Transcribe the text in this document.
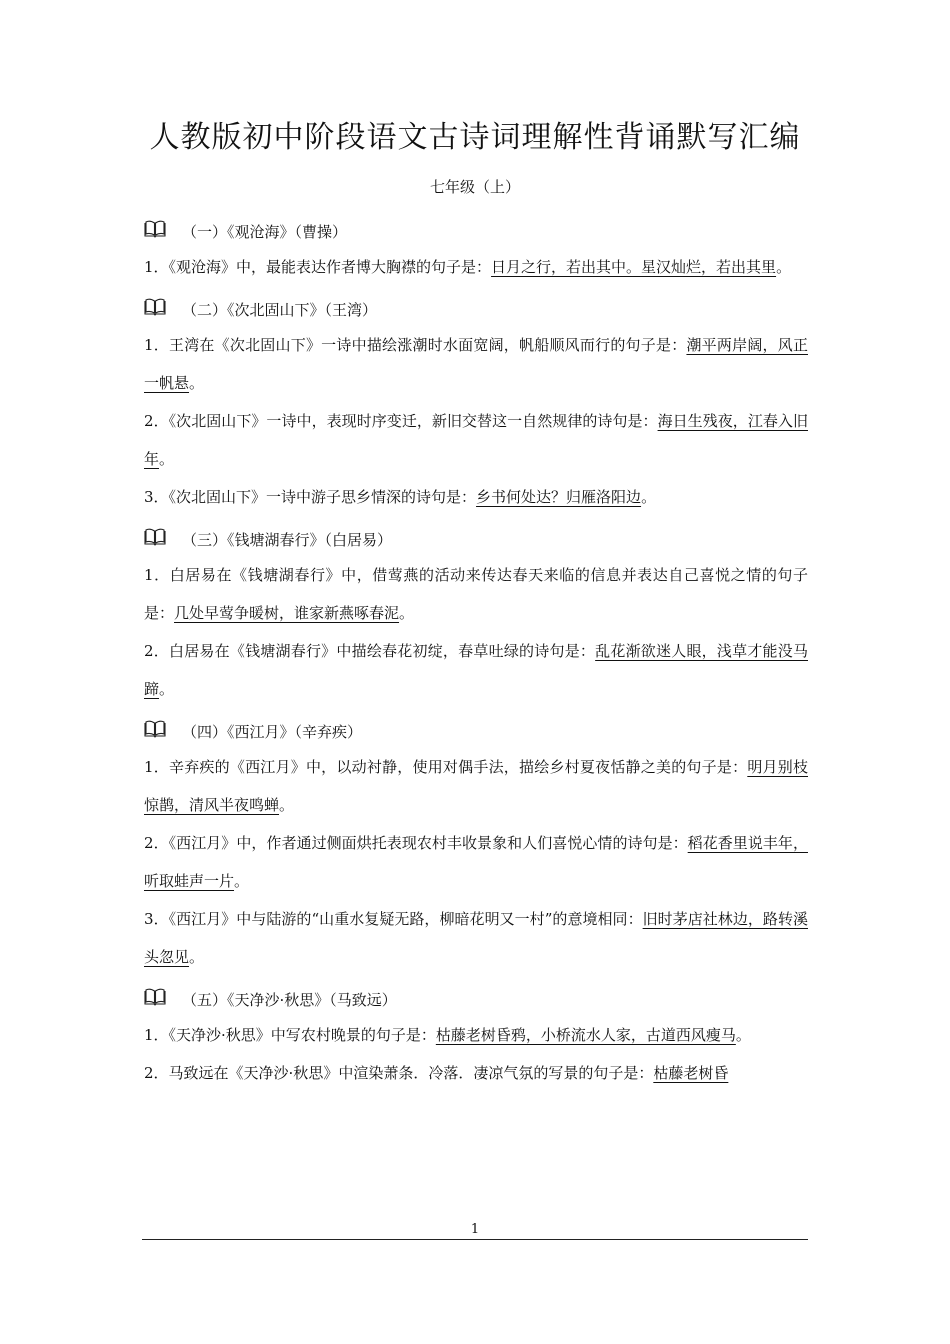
人教版初中阶段语文古诗词理解性背诵默写汇编
七年级（上）
（一）《观沧海》（曹操）

1．《观沧海》中，最能表达作者博大胸襟的句子是：日月之行，若出其中。星汉灿烂，若出其里。

（二）《次北固山下》（王湾）

1．王湾在《次北固山下》一诗中描绘涨潮时水面宽阔，帆船顺风而行的句子是：潮平两岸阔，风正一帆悬。

2．《次北固山下》一诗中，表现时序变迁，新旧交替这一自然规律的诗句是：海日生残夜，江春入旧年。

3．《次北固山下》一诗中游子思乡情深的诗句是：乡书何处达？归雁洛阳边。

（三）《钱塘湖春行》（白居易）

1．白居易在《钱塘湖春行》中，借莺燕的活动来传达春天来临的信息并表达自己喜悦之情的句子是：几处早莺争暖树，谁家新燕啄春泥。

2．白居易在《钱塘湖春行》中描绘春花初绽，春草吐绿的诗句是：乱花渐欲迷人眼，浅草才能没马蹄。

（四）《西江月》（辛弃疾）

1．辛弃疾的《西江月》中，以动衬静，使用对偶手法，描绘乡村夏夜恬静之美的句子是：明月别枝惊鹊，清风半夜鸣蝉。

2．《西江月》中，作者通过侧面烘托表现农村丰收景象和人们喜悦心情的诗句是：稻花香里说丰年，听取蛙声一片。

3．《西江月》中与陆游的“山重水复疑无路，柳暗花明又一村”的意境相同：旧时茅店社林边，路转溪头忽见。

（五）《天净沙·秋思》（马致远）

1．《天净沙·秋思》中写农村晚景的句子是：枯藤老树昏鸦，小桥流水人家，古道西风瘦马。

2．马致远在《天净沙·秋思》中渲染萧条．冷落．凄凉气氛的写景的句子是：枯藤老树昏

1
